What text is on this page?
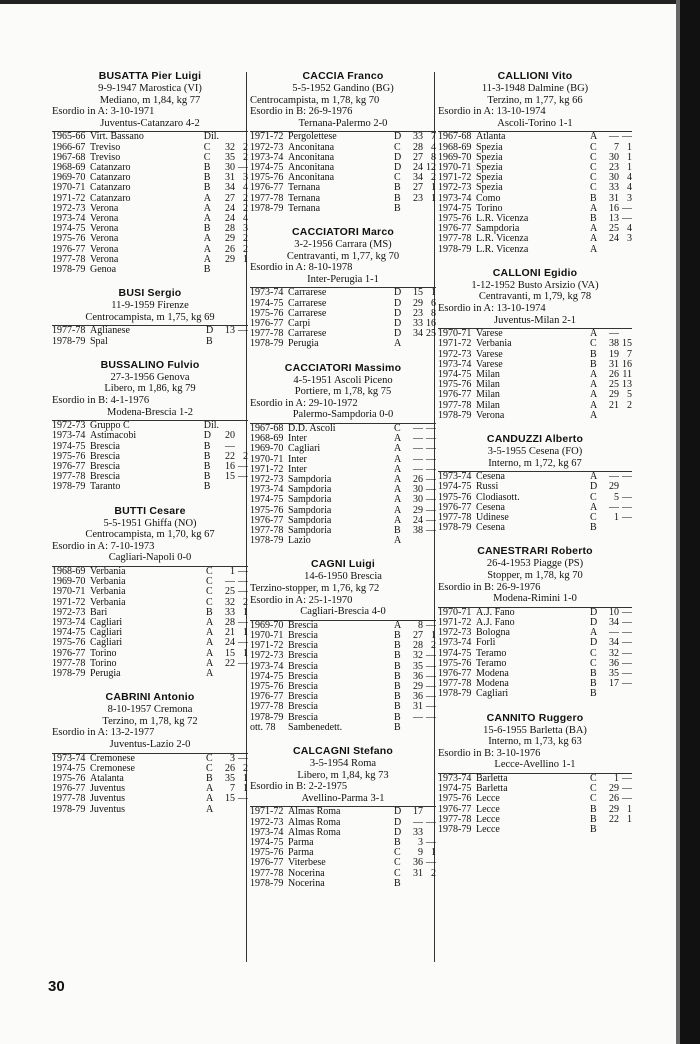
BUSATTA Pier Luigi
9-9-1947 Marostica (VI)
Mediano, m 1,84, kg 77
Esordio in A: 3-10-1971
Juventus-Catanzaro 4-2
1965-66	Virt. Bassano	Dil.		
1966-67	Treviso	C	32	2
1967-68	Treviso	C	35	2
1968-69	Catanzaro	B	30	—
1969-70	Catanzaro	B	31	3
1970-71	Catanzaro	B	34	4
1971-72	Catanzaro	A	27	2
1972-73	Verona	A	24	2
1973-74	Verona	A	24	4
1974-75	Verona	B	28	3
1975-76	Verona	A	29	2
1976-77	Verona	A	26	2
1977-78	Verona	A	29	1
1978-79	Genoa	B		
BUSI Sergio
11-9-1959 Firenze
Centrocampista, m 1,75, kg 69
1977-78	Aglianese	D	13	—
1978-79	Spal	B		
BUSSALINO Fulvio
27-3-1956 Genova
Libero, m 1,86, kg 79
Esordio in B: 4-1-1976
Modena-Brescia 1-2
1972-73	Gruppo C	Dil.		
1973-74	Astimacobi	D	20	
1974-75	Brescia	B	—	
1975-76	Brescia	B	22	2
1976-77	Brescia	B	16	—
1977-78	Brescia	B	15	—
1978-79	Taranto	B		
BUTTI Cesare
5-5-1951 Ghiffa (NO)
Centrocampista, m 1,70, kg 67
Esordio in A: 7-10-1973
Cagliari-Napoli 0-0
1968-69	Verbania	C	1	—
1969-70	Verbania	C	—	—
1970-71	Verbania	C	25	—
1971-72	Verbania	C	32	2
1972-73	Bari	B	33	1
1973-74	Cagliari	A	28	—
1974-75	Cagliari	A	21	1
1975-76	Cagliari	A	24	—
1976-77	Torino	A	15	1
1977-78	Torino	A	22	—
1978-79	Perugia	A		
CABRINI Antonio
8-10-1957 Cremona
Terzino, m 1,78, kg 72
Esordio in A: 13-2-1977
Juventus-Lazio 2-0
1973-74	Cremonese	C	3	—
1974-75	Cremonese	C	26	2
1975-76	Atalanta	B	35	1
1976-77	Juventus	A	7	1
1977-78	Juventus	A	15	—
1978-79	Juventus	A		
CACCIA Franco
5-5-1952 Gandino (BG)
Centrocampista, m 1,78, kg 70
Esordio in B: 26-9-1976
Ternana-Palermo 2-0
1971-72	Pergolettese	D	33	7
1972-73	Anconitana	C	28	4
1973-74	Anconitana	D	27	8
1974-75	Anconitana	D	24	12
1975-76	Anconitana	C	34	2
1976-77	Ternana	B	27	1
1977-78	Ternana	B	23	1
1978-79	Ternana	B		
CACCIATORI Marco
3-2-1956 Carrara (MS)
Centravanti, m 1,77, kg 70
Esordio in A: 8-10-1978
Inter-Perugia 1-1
1973-74	Carrarese	D	15	1
1974-75	Carrarese	D	29	6
1975-76	Carrarese	D	23	8
1976-77	Carpi	D	33	16
1977-78	Carrarese	D	34	25
1978-79	Perugia	A		
CACCIATORI Massimo
4-5-1951 Ascoli Piceno
Portiere, m 1,78, kg 75
Esordio in A: 29-10-1972
Palermo-Sampdoria 0-0
1967-68	D.D. Ascoli	C	—	—
1968-69	Inter	A	—	—
1969-70	Cagliari	A	—	—
1970-71	Inter	A	—	—
1971-72	Inter	A	—	—
1972-73	Sampdoria	A	26	—
1973-74	Sampdoria	A	30	—
1974-75	Sampdoria	A	30	—
1975-76	Sampdoria	A	29	—
1976-77	Sampdoria	A	24	—
1977-78	Sampdoria	B	38	—
1978-79	Lazio	A		
CAGNI Luigi
14-6-1950 Brescia
Terzino-stopper, m 1,76, kg 72
Esordio in A: 25-1-1970
Cagliari-Brescia 4-0
1969-70	Brescia	A	8	—
1970-71	Brescia	B	27	1
1971-72	Brescia	B	28	2
1972-73	Brescia	B	32	—
1973-74	Brescia	B	35	—
1974-75	Brescia	B	36	—
1975-76	Brescia	B	29	—
1976-77	Brescia	B	36	—
1977-78	Brescia	B	31	—
1978-79	Brescia	B	—	—
ott. 78	Sambenedett.	B		
CALCAGNI Stefano
3-5-1954 Roma
Libero, m 1,84, kg 73
Esordio in B: 2-2-1975
Avellino-Parma 3-1
1971-72	Almas Roma	D	17	
1972-73	Almas Roma	D	—	—
1973-74	Almas Roma	D	33	
1974-75	Parma	B	3	—
1975-76	Parma	C	9	1
1976-77	Viterbese	C	36	—
1977-78	Nocerina	C	31	2
1978-79	Nocerina	B		
CALLIONI Vito
11-3-1948 Dalmine (BG)
Terzino, m 1,77, kg 66
Esordio in A: 13-10-1974
Ascoli-Torino 1-1
1967-68	Atlanta	A	—	—
1968-69	Spezia	C	7	1
1969-70	Spezia	C	30	1
1970-71	Spezia	C	23	1
1971-72	Spezia	C	30	4
1972-73	Spezia	C	33	4
1973-74	Como	B	31	3
1974-75	Torino	A	16	—
1975-76	L.R. Vicenza	B	13	—
1976-77	Sampdoria	A	25	4
1977-78	L.R. Vicenza	A	24	3
1978-79	L.R. Vicenza	A		
CALLONI Egidio
1-12-1952 Busto Arsizio (VA)
Centravanti, m 1,79, kg 78
Esordio in A: 13-10-1974
Juventus-Milan 2-1
1970-71	Varese	A	—	
1971-72	Verbania	C	38	15
1972-73	Varese	B	19	7
1973-74	Varese	B	31	16
1974-75	Milan	A	26	11
1975-76	Milan	A	25	13
1976-77	Milan	A	29	5
1977-78	Milan	A	21	2
1978-79	Verona	A		
CANDUZZI Alberto
3-5-1955 Cesena (FO)
Interno, m 1,72, kg 67
1973-74	Cesena	A	—	—
1974-75	Russi	D	29	
1975-76	Clodiasott.	C	5	—
1976-77	Cesena	A	—	—
1977-78	Udinese	C	1	—
1978-79	Cesena	B		
CANESTRARI Roberto
26-4-1953 Piagge (PS)
Stopper, m 1,78, kg 70
Esordio in B: 26-9-1976
Modena-Rimini 1-0
1970-71	A.J. Fano	D	10	—
1971-72	A.J. Fano	D	34	—
1972-73	Bologna	A	—	—
1973-74	Forlì	D	34	—
1974-75	Teramo	C	32	—
1975-76	Teramo	C	36	—
1976-77	Modena	B	35	—
1977-78	Modena	B	17	—
1978-79	Cagliari	B		
CANNITO Ruggero
15-6-1955 Barletta (BA)
Interno, m 1,73, kg 63
Esordio in B: 3-10-1976
Lecce-Avellino 1-1
1973-74	Barletta	C	1	—
1974-75	Barletta	C	29	—
1975-76	Lecce	C	26	—
1976-77	Lecce	B	29	1
1977-78	Lecce	B	22	1
1978-79	Lecce	B		
30
